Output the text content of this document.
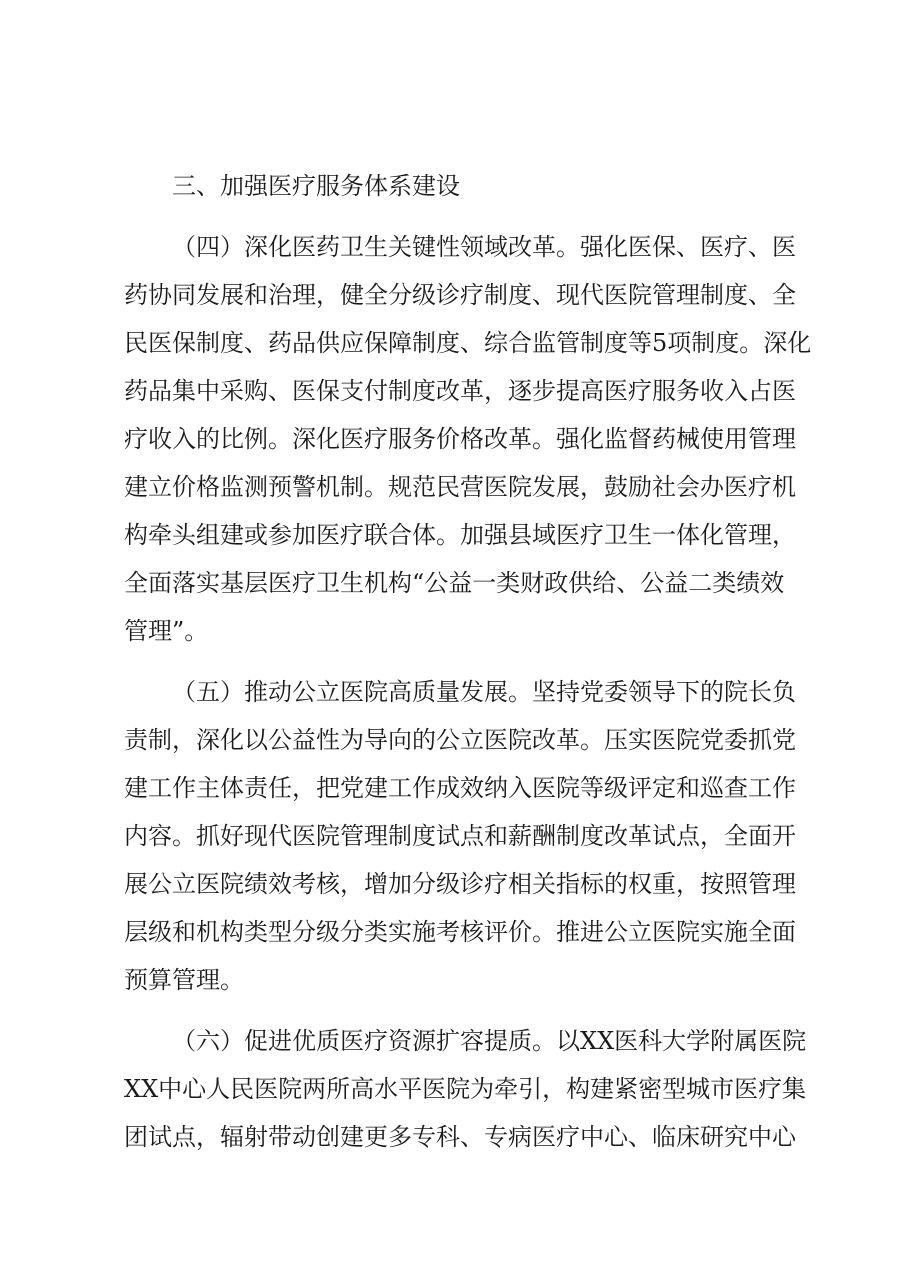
三、加强医疗服务体系建设
（四）深化医药卫生关键性领域改革。强化医保、医疗、医
药协同发展和治理，健全分级诊疗制度、现代医院管理制度、全
民医保制度、药品供应保障制度、综合监管制度等5项制度。深化
药品集中采购、医保支付制度改革，逐步提高医疗服务收入占医
疗收入的比例。深化医疗服务价格改革。强化监督药械使用管理
建立价格监测预警机制。规范民营医院发展，鼓励社会办医疗机
构牵头组建或参加医疗联合体。加强县域医疗卫生一体化管理，
全面落实基层医疗卫生机构“公益一类财政供给、公益二类绩效
管理”。
（五）推动公立医院高质量发展。坚持党委领导下的院长负
责制，深化以公益性为导向的公立医院改革。压实医院党委抓党
建工作主体责任，把党建工作成效纳入医院等级评定和巡查工作
内容。抓好现代医院管理制度试点和薪酬制度改革试点，全面开
展公立医院绩效考核，增加分级诊疗相关指标的权重，按照管理
层级和机构类型分级分类实施考核评价。推进公立医院实施全面
预算管理。
（六）促进优质医疗资源扩容提质。以XX医科大学附属医院
XX中心人民医院两所高水平医院为牵引，构建紧密型城市医疗集
团试点，辐射带动创建更多专科、专病医疗中心、临床研究中心
